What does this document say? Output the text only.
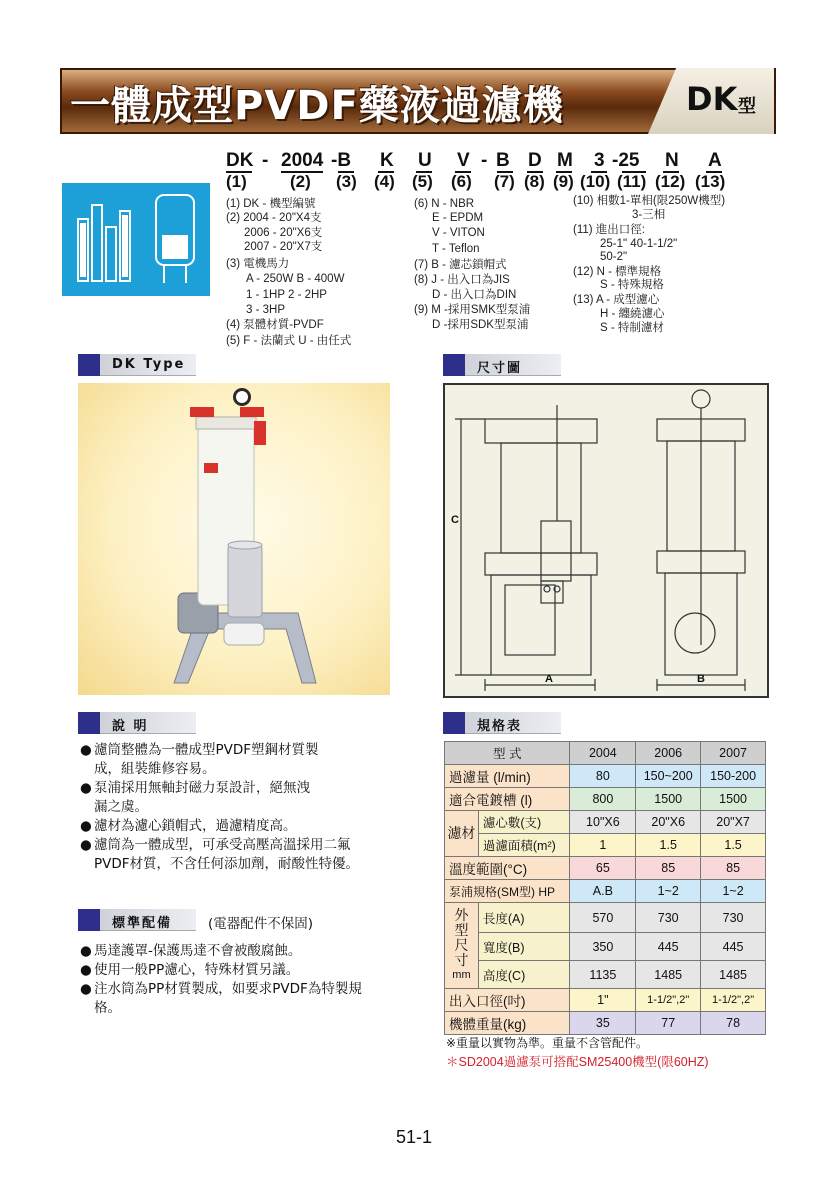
一體成型PVDF藥液過濾機	DK 型
DK - 2004 -B K U V - B D M 3 -25 N A
(1)	(2) (3) (4) (5) (6) (7) (8) (9) (10) (11) (12) (13)
(1) DK - 機型編號
(2) 2004 - 20"X4支
2006 - 20"X6支
2007 - 20"X7支
(3) 電機馬力
A - 250W B - 400W
1 - 1HP 2 - 2HP
3 - 3HP
(4) 泵體材質-PVDF
(5) F - 法蘭式 U - 由任式
(6) N - NBR
E - EPDM
V - VITON
T - Teflon
(7) B - 濾芯鎖帽式
(8) J - 出入口為JIS
D - 出入口為DIN
(9) M -採用SMK型泵浦
D -採用SDK型泵浦
(10) 相數1-單相(限250W機型)
3-三相
(11) 進出口徑:
25-1" 40-1-1/2"
50-2"
(12) N - 標準規格
S - 特殊規格
(13) A - 成型濾心
H - 纏繞濾心
S - 特制濾材
DK Type	尺寸圖
C
A	B
說 明
● 濾筒整體為一體成型PVDF塑鋼材質製
成，組裝維修容易。
● 泵浦採用無軸封磁力泵設計，絕無洩
漏之虞。
● 濾材為濾心鎖帽式，過濾精度高。
● 濾筒為一體成型，可承受高壓高溫採用二氟
PVDF材質，不含任何添加劑，耐酸性特優。
標準配備	(電器配件不保固)
● 馬達護罩-保護馬達不會被酸腐蝕。
● 使用一般PP濾心，特殊材質另議。
● 注水筒為PP材質製成，如要求PVDF為特製規
格。
規格表
型 式		2004	2006	2007
過濾量 (l/min)		80	150~200	150-200
適合電鍍槽 (l)		800	1500	1500
濾材	濾心數(支)	10"X6	20"X6	20"X7
	過濾面積(m²)	1	1.5	1.5
溫度範圍(°C)		65	85	85
泵浦規格(SM型) HP		A.B	1~2	1~2

外
型
尺
寸
mm	長度(A)	570	730	730
	寬度(B)	350	445	445
	高度(C)	1135	1485	1485
出入口徑(吋)		1"	1-1/2",2"	1-1/2",2"
機體重量(kg)		35	77	78
※重量以實物為準。重量不含管配件。
＊SD2004過濾泵可搭配SM25400機型(限60HZ)
51-1
